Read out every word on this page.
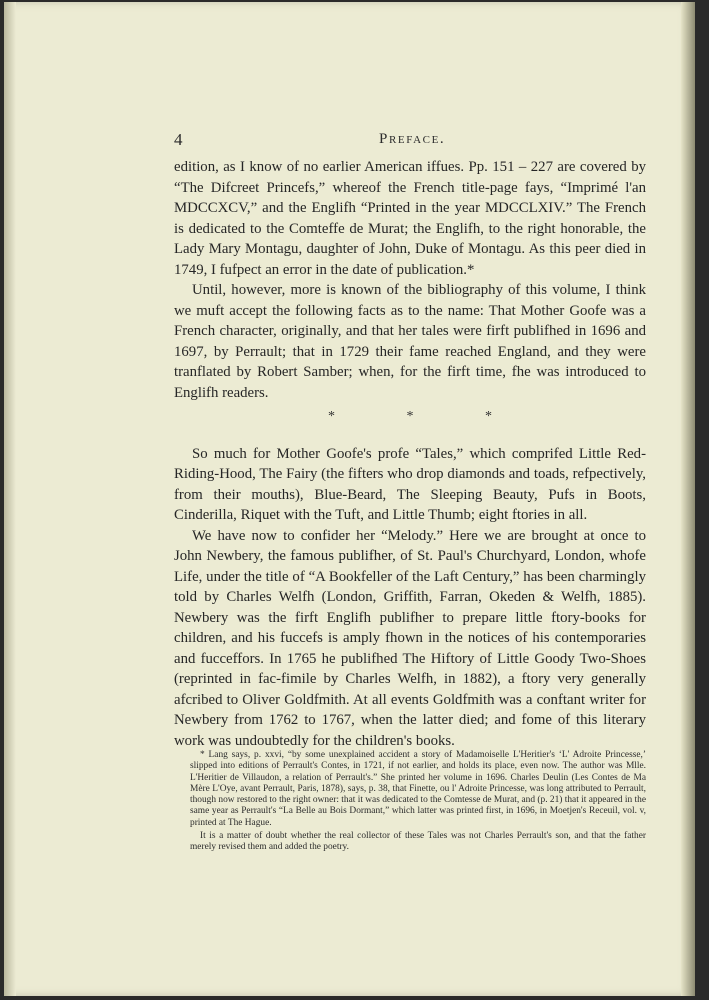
4	Preface.

edition, as I know of no earlier American iffues. Pp. 151 – 227 are covered by “The Difcreet Princefs,” whereof the French title-page fays, “Imprimé l'an MDCCXCV,” and the Englifh “Printed in the year MDCCLXIV.” The French is dedicated to the Comteffe de Murat; the Englifh, to the right honorable, the Lady Mary Montagu, daughter of John, Duke of Montagu. As this peer died in 1749, I fufpect an error in the date of publication.*

Until, however, more is known of the bibliography of this volume, I think we muft accept the following facts as to the name: That Mother Goofe was a French character, originally, and that her tales were firft publifhed in 1696 and 1697, by Perrault; that in 1729 their fame reached England, and they were tranflated by Robert Samber; when, for the firft time, fhe was introduced to Englifh readers.

* * *

So much for Mother Goofe's profe “Tales,” which comprifed Little Red-Riding-Hood, The Fairy (the fifters who drop diamonds and toads, refpectively, from their mouths), Blue-Beard, The Sleeping Beauty, Pufs in Boots, Cinderilla, Riquet with the Tuft, and Little Thumb; eight ftories in all.

We have now to confider her “Melody.” Here we are brought at once to John Newbery, the famous publifher, of St. Paul's Churchyard, London, whofe Life, under the title of “A Bookfeller of the Laft Century,” has been charmingly told by Charles Welfh (London, Griffith, Farran, Okeden & Welfh, 1885). Newbery was the firft Englifh publifher to prepare little ftory-books for children, and his fuccefs is amply fhown in the notices of his contemporaries and fucceffors. In 1765 he publifhed The Hiftory of Little Goody Two-Shoes (reprinted in fac-fimile by Charles Welfh, in 1882), a ftory very generally afcribed to Oliver Goldfmith. At all events Goldfmith was a conftant writer for Newbery from 1762 to 1767, when the latter died; and fome of this literary work was undoubtedly for the children's books.

* Lang says, p. xxvi, “by some unexplained accident a story of Madamoiselle L'Heritier's ‘L' Adroite Princesse,’ slipped into editions of Perrault's Contes, in 1721, if not earlier, and holds its place, even now. The author was Mlle. L'Heritier de Villaudon, a relation of Perrault's.” She printed her volume in 1696. Charles Deulin (Les Contes de Ma Mère L'Oye, avant Perrault, Paris, 1878), says, p. 38, that Finette, ou l' Adroite Princesse, was long attributed to Perrault, though now restored to the right owner: that it was dedicated to the Comtesse de Murat, and (p. 21) that it appeared in the same year as Perrault's “La Belle au Bois Dormant,” which latter was printed first, in 1696, in Moetjen's Receuil, vol. v, printed at The Hague.

It is a matter of doubt whether the real collector of these Tales was not Charles Perrault's son, and that the father merely revised them and added the poetry.
